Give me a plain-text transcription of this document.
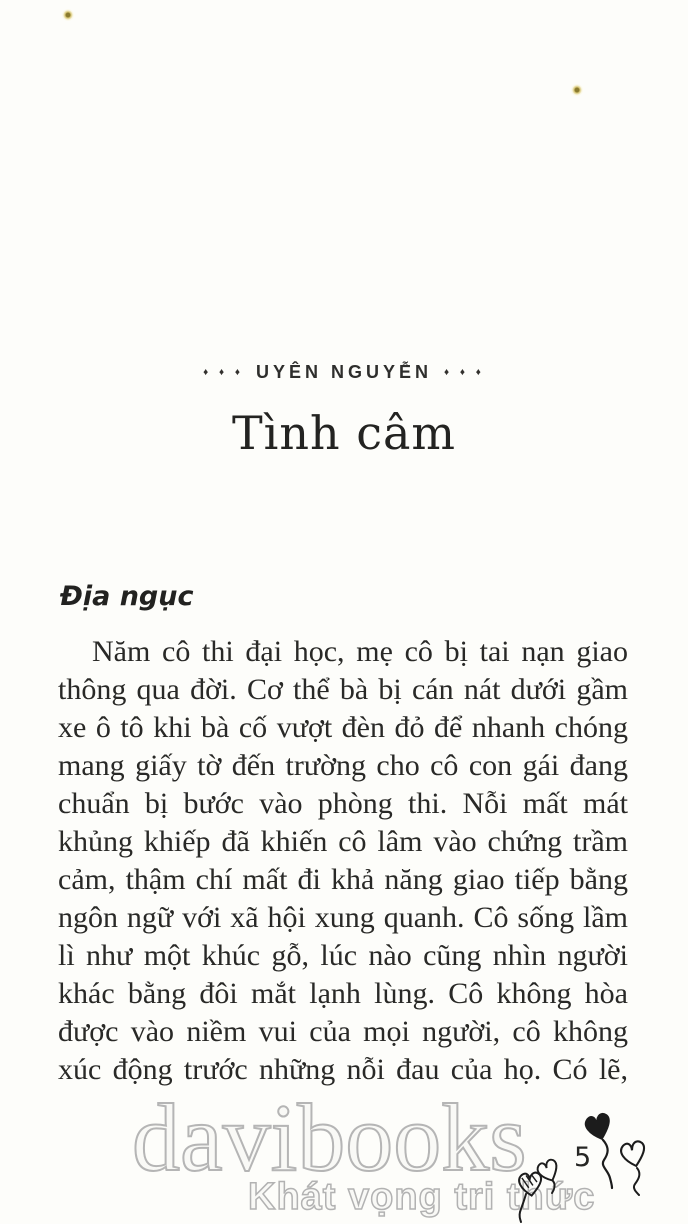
♦ ♦ ♦ UYÊN NGUYỄN ♦ ♦ ♦
Tình câm
Địa ngục
Năm cô thi đại học, mẹ cô bị tai nạn giao
thông qua đời. Cơ thể bà bị cán nát dưới gầm
xe ô tô khi bà cố vượt đèn đỏ để nhanh chóng
mang giấy tờ đến trường cho cô con gái đang
chuẩn bị bước vào phòng thi. Nỗi mất mát
khủng khiếp đã khiến cô lâm vào chứng trầm
cảm, thậm chí mất đi khả năng giao tiếp bằng
ngôn ngữ với xã hội xung quanh. Cô sống lầm
lì như một khúc gỗ, lúc nào cũng nhìn người
khác bằng đôi mắt lạnh lùng. Cô không hòa
được vào niềm vui của mọi người, cô không
xúc động trước những nỗi đau của họ. Có lẽ,
davibooks
Khát vọng tri thức
5
